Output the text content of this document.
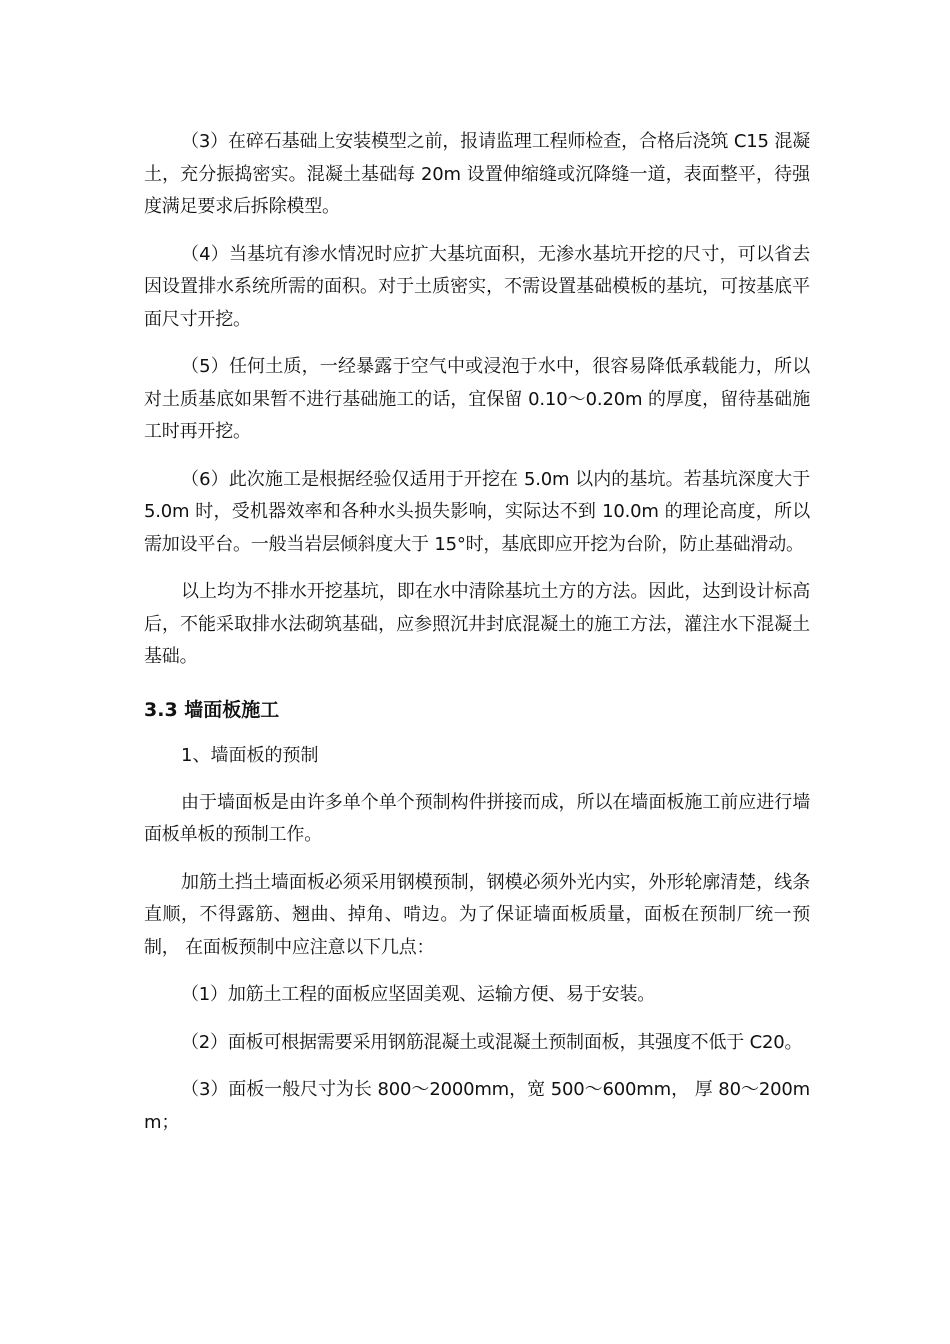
（3）在碎石基础上安装模型之前，报请监理工程师检查，合格后浇筑 C15 混凝土，充分振捣密实。混凝土基础每 20m 设置伸缩缝或沉降缝一道，表面整平，待强度满足要求后拆除模型。

（4）当基坑有渗水情况时应扩大基坑面积，无渗水基坑开挖的尺寸，可以省去因设置排水系统所需的面积。对于土质密实，不需设置基础模板的基坑，可按基底平面尺寸开挖。

（5）任何土质，一经暴露于空气中或浸泡于水中，很容易降低承载能力，所以对土质基底如果暂不进行基础施工的话，宜保留 0.10～0.20m 的厚度，留待基础施工时再开挖。

（6）此次施工是根据经验仅适用于开挖在 5.0m 以内的基坑。若基坑深度大于 5.0m 时，受机器效率和各种水头损失影响，实际达不到 10.0m 的理论高度，所以需加设平台。一般当岩层倾斜度大于 15°时，基底即应开挖为台阶，防止基础滑动。

以上均为不排水开挖基坑，即在水中清除基坑土方的方法。因此，达到设计标高后，不能采取排水法砌筑基础，应参照沉井封底混凝土的施工方法，灌注水下混凝土基础。

3.3 墙面板施工

1、墙面板的预制

由于墙面板是由许多单个单个预制构件拼接而成，所以在墙面板施工前应进行墙面板单板的预制工作。

加筋土挡土墙面板必须采用钢模预制，钢模必须外光内实，外形轮廓清楚，线条直顺，不得露筋、翘曲、掉角、啃边。为了保证墙面板质量，面板在预制厂统一预制， 在面板预制中应注意以下几点：

（1）加筋土工程的面板应坚固美观、运输方便、易于安装。

（2）面板可根据需要采用钢筋混凝土或混凝土预制面板，其强度不低于 C20。

（3）面板一般尺寸为长 800～2000mm，宽 500～600mm， 厚 80～200mm；
